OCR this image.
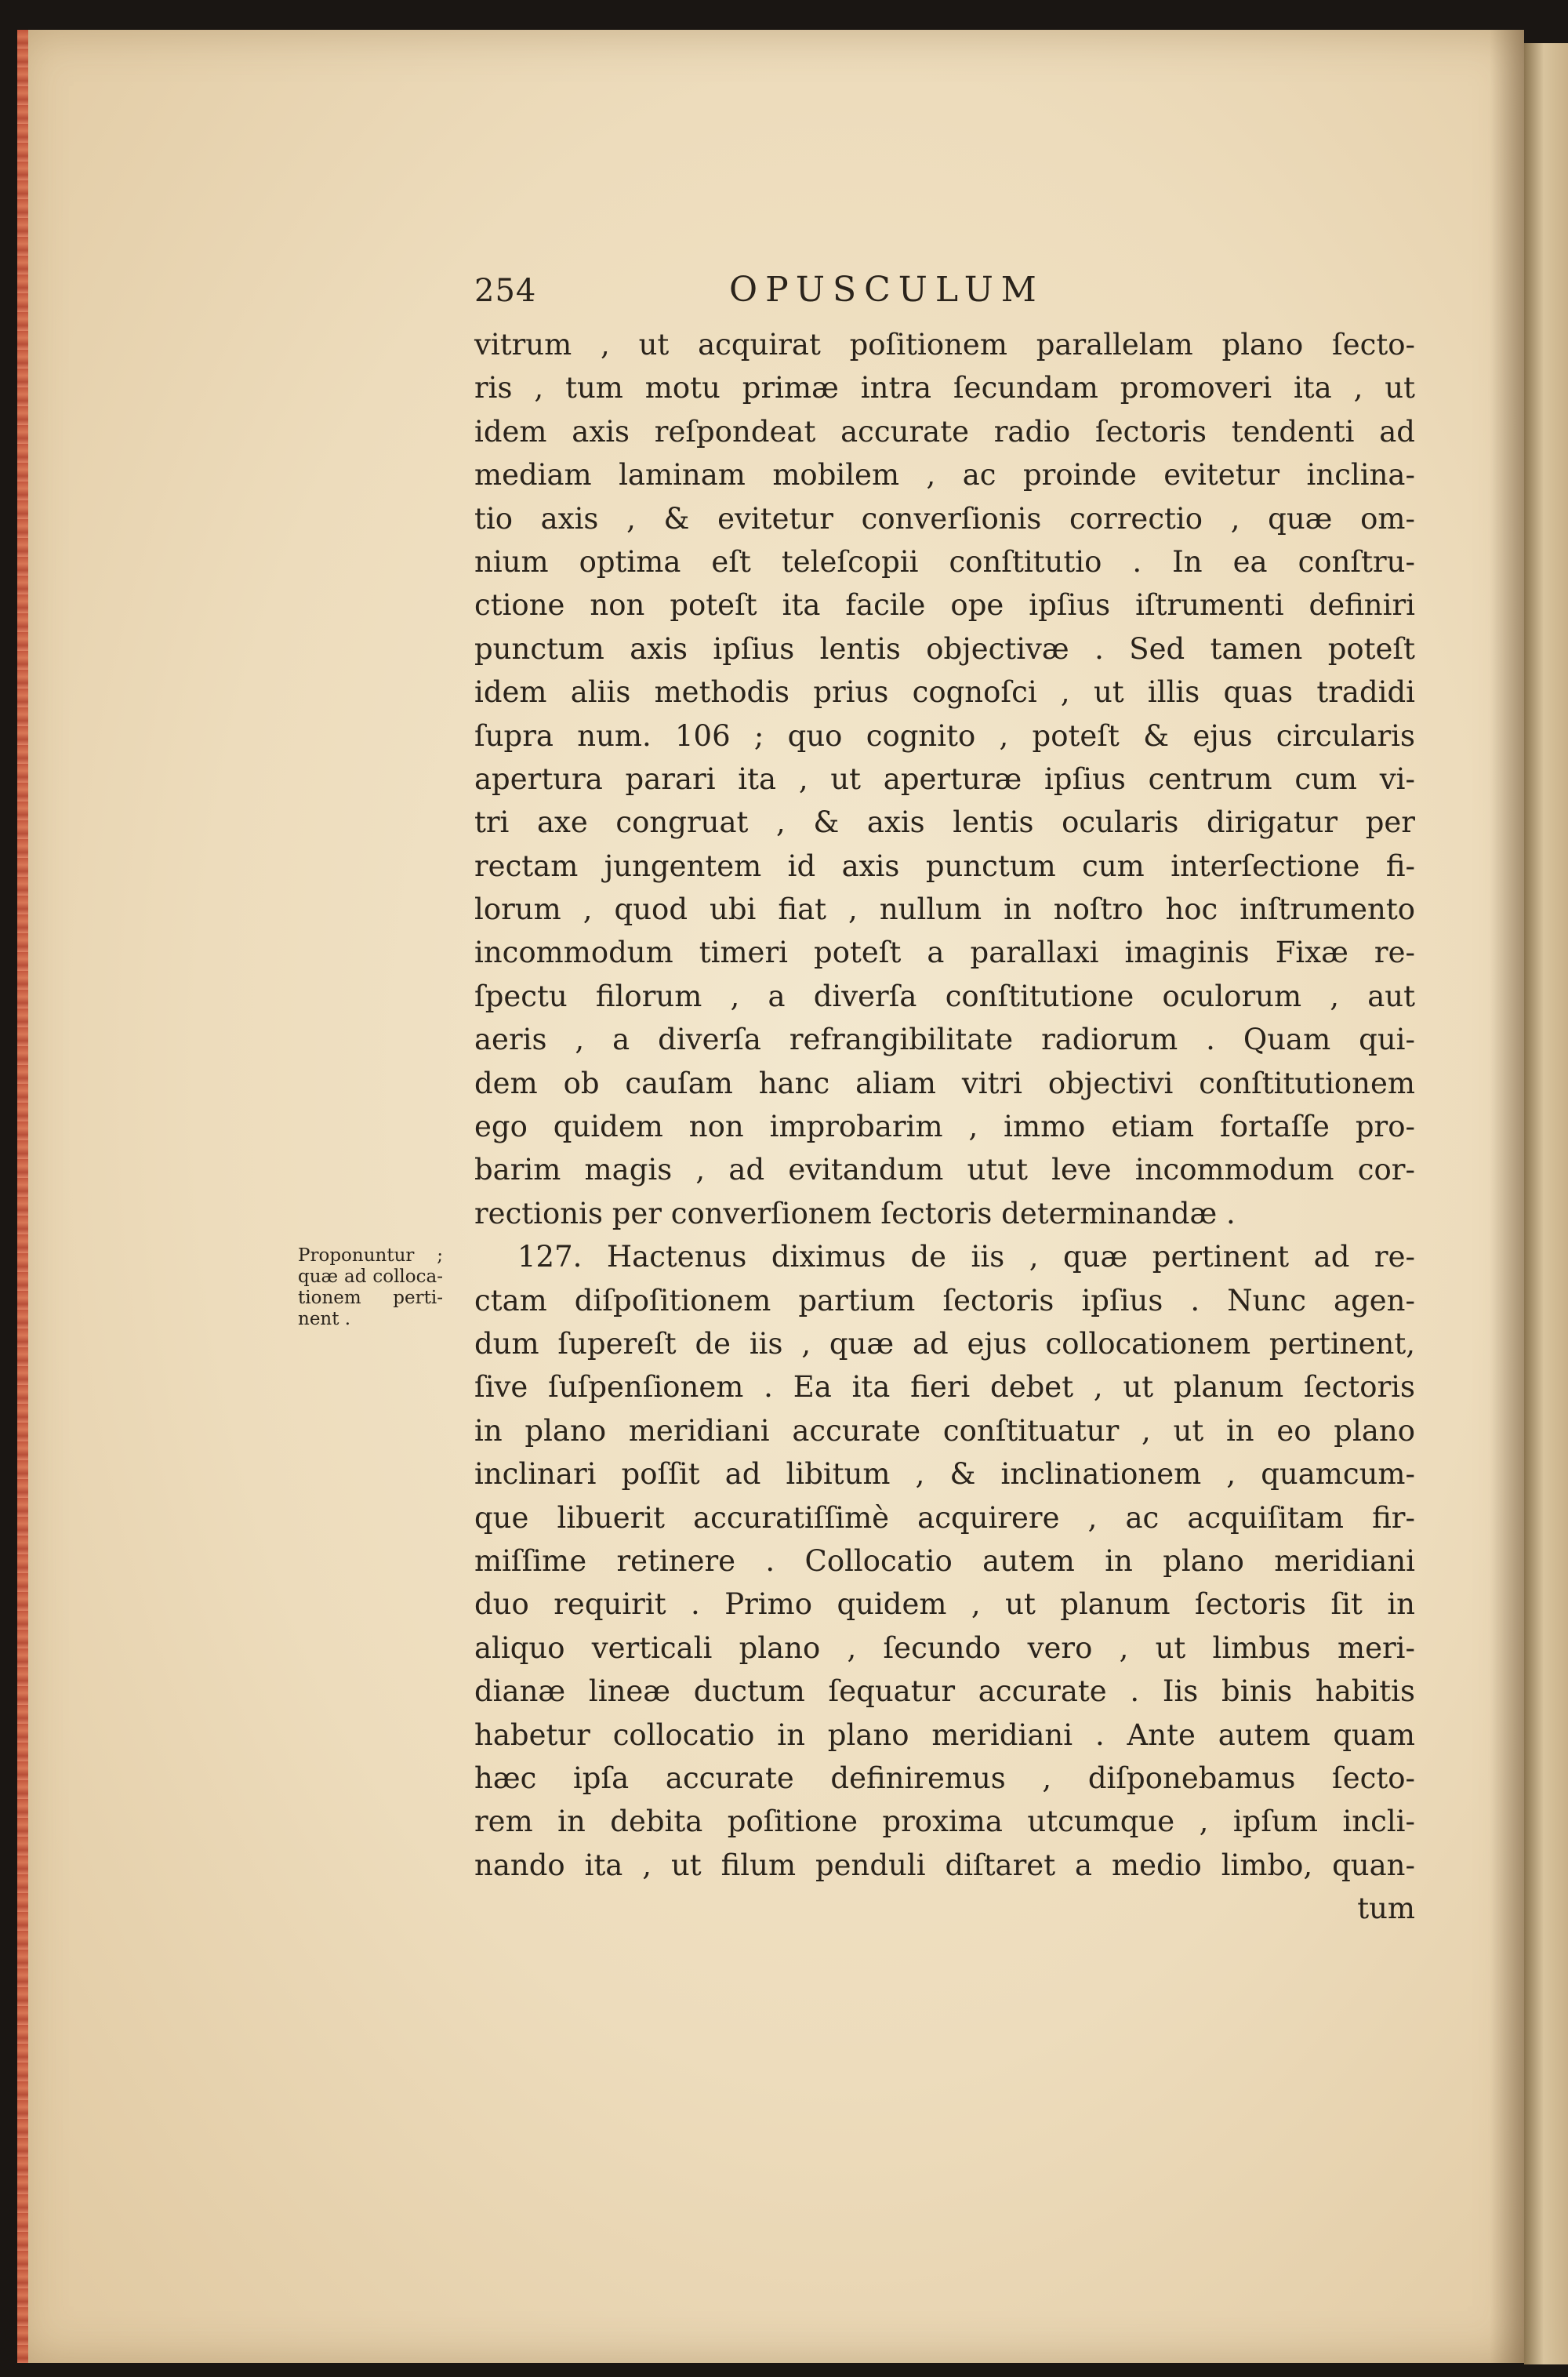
254	OPUSCULUM
vitrum , ut acquirat poſitionem parallelam plano ſecto-
ris , tum motu primæ intra ſecundam promoveri ita , ut
idem axis reſpondeat accurate radio ſectoris tendenti ad
mediam laminam mobilem , ac proinde evitetur inclina-
tio axis , & evitetur converſionis correctio , quæ om-
nium optima eſt teleſcopii conſtitutio . In ea conſtru-
ctione non poteſt ita facile ope ipſius iſtrumenti definiri
punctum axis ipſius lentis objectivæ . Sed tamen poteſt
idem aliis methodis prius cognoſci , ut illis quas tradidi
ſupra num. 106 ; quo cognito , poteſt & ejus circularis
apertura parari ita , ut aperturæ ipſius centrum cum vi-
tri axe congruat , & axis lentis ocularis dirigatur per
rectam jungentem id axis punctum cum interſectione fi-
lorum , quod ubi fiat , nullum in noſtro hoc inſtrumento
incommodum timeri poteſt a parallaxi imaginis Fixæ re-
ſpectu filorum , a diverſa conſtitutione oculorum , aut
aeris , a diverſa refrangibilitate radiorum . Quam qui-
dem ob cauſam hanc aliam vitri objectivi conſtitutionem
ego quidem non improbarim , immo etiam fortaſſe pro-
barim magis , ad evitandum utut leve incommodum cor-
rectionis per converſionem ſectoris determinandæ .
127. Hactenus diximus de iis , quæ pertinent ad re-
ctam diſpoſitionem partium ſectoris ipſius . Nunc agen-
dum ſupereſt de iis , quæ ad ejus collocationem pertinent,
ſive ſuſpenſionem . Ea ita fieri debet , ut planum ſectoris
in plano meridiani accurate conſtituatur , ut in eo plano
inclinari poſſit ad libitum , & inclinationem , quamcum-
que libuerit accuratiſſimè acquirere , ac acquiſitam fir-
miſſime retinere . Collocatio autem in plano meridiani
duo requirit . Primo quidem , ut planum ſectoris ſit in
aliquo verticali plano , ſecundo vero , ut limbus meri-
dianæ lineæ ductum ſequatur accurate . Iis binis habitis
habetur collocatio in plano meridiani . Ante autem quam
hæc ipſa accurate definiremus , diſponebamus ſecto-
rem in debita poſitione proxima utcumque , ipſum incli-
nando ita , ut filum penduli diſtaret a medio limbo, quan-
tum
Proponuntur ;
quæ ad colloca-
tionem perti-
nent .
